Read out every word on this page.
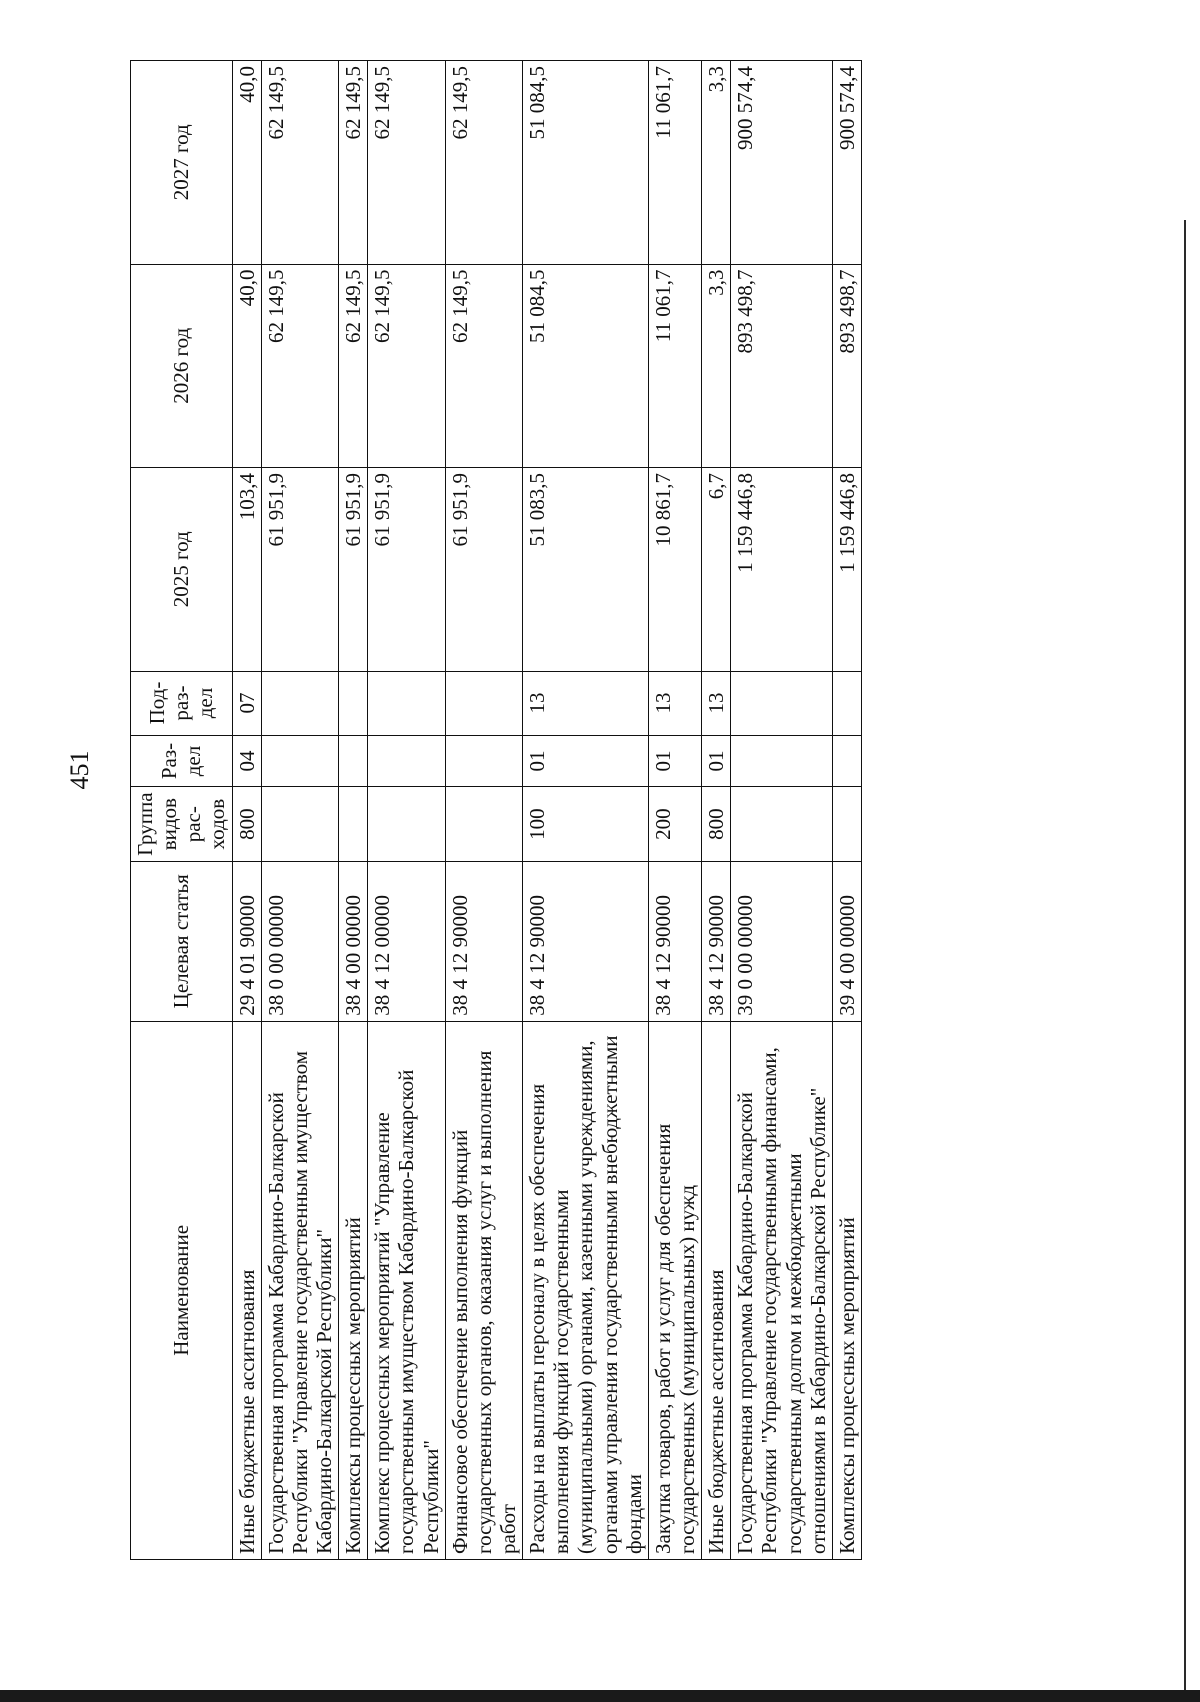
451
Наименование	Целевая статья	Группа видов рас-ходов	Раз-дел	Под-раз-дел	2025 год	2026 год	2027 год
Иные бюджетные ассигнования	29 4 01 90000	800	04	07	103,4	40,0	40,0
Государственная программа Кабардино-Балкарской Республики "Управление государственным имуществом Кабардино-Балкарской Республики"	38 0 00 00000				61 951,9	62 149,5	62 149,5
Комплексы процессных мероприятий	38 4 00 00000				61 951,9	62 149,5	62 149,5
Комплекс процессных мероприятий "Управление государственным имуществом Кабардино-Балкарской Республики"	38 4 12 00000				61 951,9	62 149,5	62 149,5
Финансовое обеспечение выполнения функций государственных органов, оказания услуг и выполнения работ	38 4 12 90000				61 951,9	62 149,5	62 149,5
Расходы на выплаты персоналу в целях обеспечения выполнения функций государственными (муниципальными) органами, казенными учреждениями, органами управления государственными внебюджетными фондами	38 4 12 90000	100	01	13	51 083,5	51 084,5	51 084,5
Закупка товаров, работ и услуг для обеспечения государственных (муниципальных) нужд	38 4 12 90000	200	01	13	10 861,7	11 061,7	11 061,7
Иные бюджетные ассигнования	38 4 12 90000	800	01	13	6,7	3,3	3,3
Государственная программа Кабардино-Балкарской Республики "Управление государственными финансами, государственным долгом и межбюджетными отношениями в Кабардино-Балкарской Республике"	39 0 00 00000				1 159 446,8	893 498,7	900 574,4
Комплексы процессных мероприятий	39 4 00 00000				1 159 446,8	893 498,7	900 574,4
